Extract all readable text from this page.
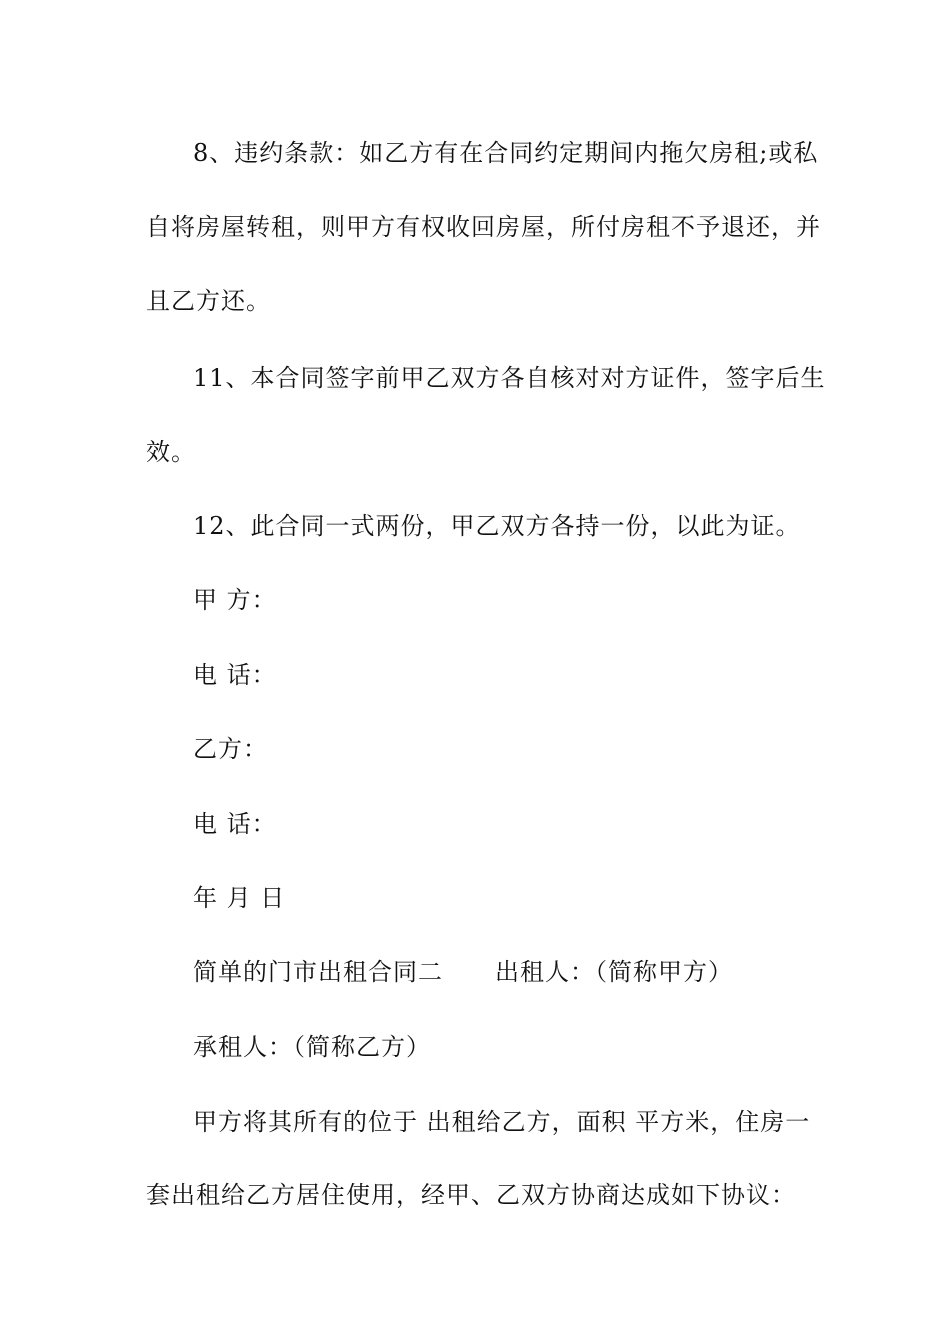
8、违约条款：如乙方有在合同约定期间内拖欠房租;或私
自将房屋转租，则甲方有权收回房屋，所付房租不予退还，并
且乙方还。
11、本合同签字前甲乙双方各自核对对方证件，签字后生
效。
12、此合同一式两份，甲乙双方各持一份，以此为证。
甲 方：
电 话：
乙方：
电 话：
年 月 日
简单的门市出租合同二 出租人：（简称甲方）
承租人：（简称乙方）
甲方将其所有的位于 出租给乙方，面积 平方米，住房一
套出租给乙方居住使用，经甲、乙双方协商达成如下协议：
